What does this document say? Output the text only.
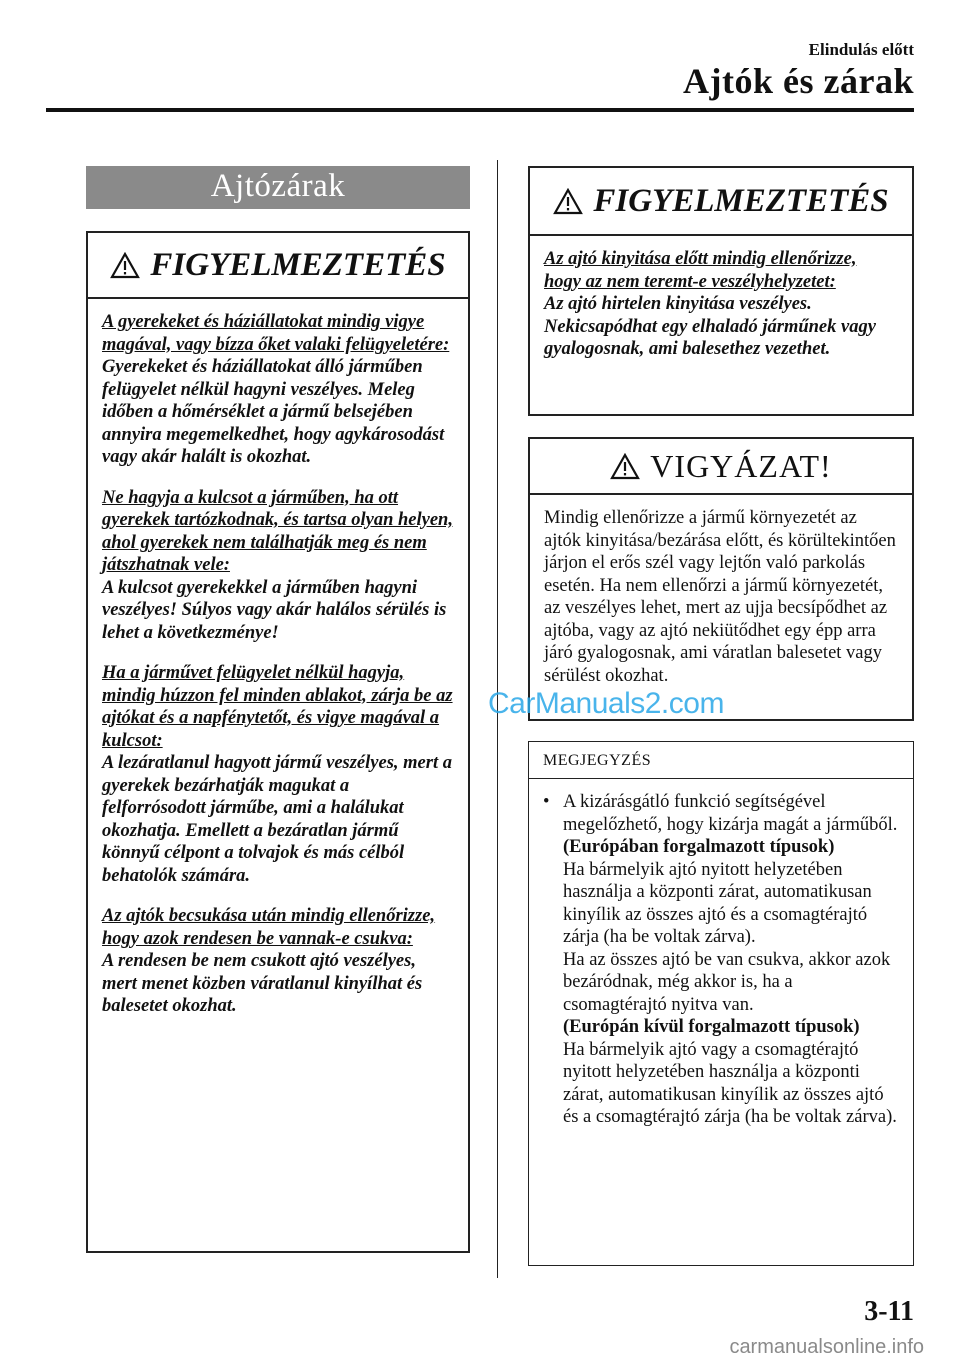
Elindulás előtt
Ajtók és zárak
Ajtózárak
FIGYELMEZTETÉS

A gyerekeket és háziállatokat mindig vigye magával, vagy bízza őket valaki felügyeletére:
Gyerekeket és háziállatokat álló járműben felügyelet nélkül hagyni veszélyes. Meleg időben a hőmérséklet a jármű belsejében annyira megemelkedhet, hogy agykárosodást vagy akár halált is okozhat.

Ne hagyja a kulcsot a járműben, ha ott gyerekek tartózkodnak, és tartsa olyan helyen, ahol gyerekek nem találhatják meg és nem játszhatnak vele:
A kulcsot gyerekekkel a járműben hagyni veszélyes! Súlyos vagy akár halálos sérülés is lehet a következménye!

Ha a járművet felügyelet nélkül hagyja, mindig húzzon fel minden ablakot, zárja be az ajtókat és a napfénytetőt, és vigye magával a kulcsot:
A lezáratlanul hagyott jármű veszélyes, mert a gyerekek bezárhatják magukat a felforrósodott járműbe, ami a halálukat okozhatja. Emellett a bezáratlan jármű könnyű célpont a tolvajok és más célból behatolók számára.

Az ajtók becsukása után mindig ellenőrizze, hogy azok rendesen be vannak-e csukva:
A rendesen be nem csukott ajtó veszélyes, mert menet közben váratlanul kinyílhat és balesetet okozhat.

FIGYELMEZTETÉS

Az ajtó kinyitása előtt mindig ellenőrizze, hogy az nem teremt-e veszélyhelyzetet:
Az ajtó hirtelen kinyitása veszélyes. Nekicsapódhat egy elhaladó járműnek vagy gyalogosnak, ami balesethez vezethet.

VIGYÁZAT!
Mindig ellenőrizze a jármű környezetét az ajtók kinyitása/bezárása előtt, és körültekintően járjon el erős szél vagy lejtőn való parkolás esetén. Ha nem ellenőrzi a jármű környezetét, az veszélyes lehet, mert az ujja becsípődhet az ajtóba, vagy az ajtó nekiütődhet egy épp arra járó gyalogosnak, ami váratlan balesetet vagy sérülést okozhat.
MEGJEGYZÉS
• A kizárásgátló funkció segítségével megelőzhető, hogy kizárja magát a járműből.
(Európában forgalmazott típusok)
Ha bármelyik ajtó nyitott helyzetében használja a központi zárat, automatikusan kinyílik az összes ajtó és a csomagtérajtó zárja (ha be voltak zárva).
Ha az összes ajtó be van csukva, akkor azok bezáródnak, még akkor is, ha a csomagtérajtó nyitva van.
(Európán kívül forgalmazott típusok)
Ha bármelyik ajtó vagy a csomagtérajtó nyitott helyzetében használja a központi zárat, automatikusan kinyílik az összes ajtó és a csomagtérajtó zárja (ha be voltak zárva).
CarManuals2.com
3-11
carmanualsonline.info
